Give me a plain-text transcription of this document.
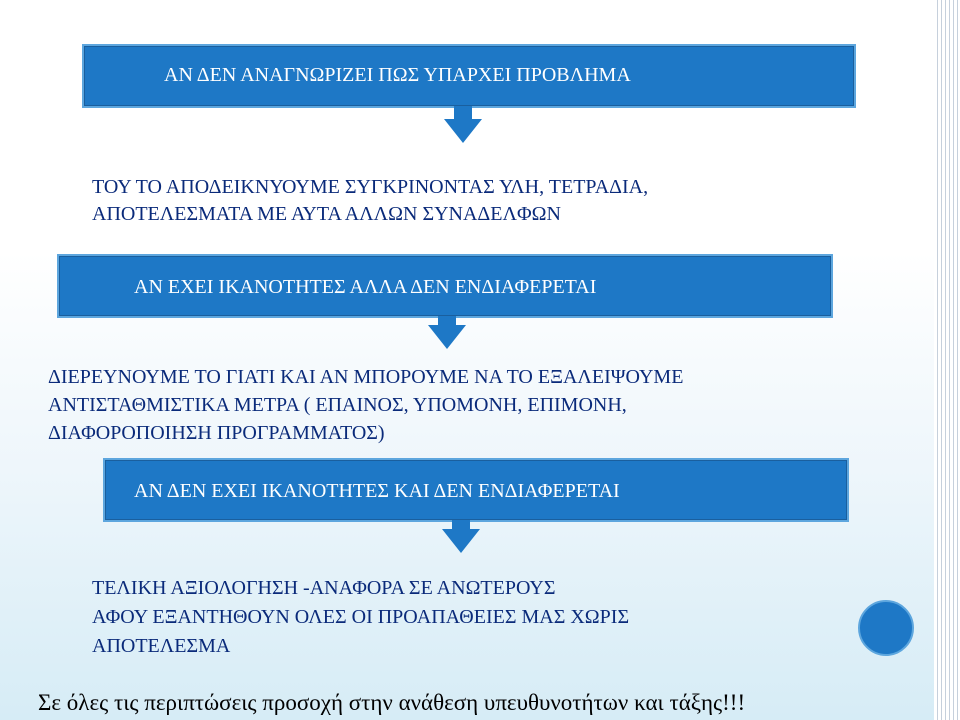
ΑΝ ΔΕΝ ΑΝΑΓΝΩΡΙΖΕΙ ΠΩΣ ΥΠΑΡΧΕΙ ΠΡΟΒΛΗΜΑ
ΤΟΥ ΤΟ ΑΠΟΔΕΙΚΝΥΟΥΜΕ ΣΥΓΚΡΙΝΟΝΤΑΣ ΥΛΗ, ΤΕΤΡΑΔΙΑ,
ΑΠΟΤΕΛΕΣΜΑΤΑ ΜΕ ΑΥΤΑ ΑΛΛΩΝ ΣΥΝΑΔΕΛΦΩΝ
ΑΝ ΕΧΕΙ ΙΚΑΝΟΤΗΤΕΣ ΑΛΛΑ ΔΕΝ ΕΝΔΙΑΦΕΡΕΤΑΙ
ΔΙΕΡΕΥΝΟΥΜΕ ΤΟ ΓΙΑΤΙ ΚΑΙ ΑΝ ΜΠΟΡΟΥΜΕ ΝΑ ΤΟ ΕΞΑΛΕΙΨΟΥΜΕ
ΑΝΤΙΣΤΑΘΜΙΣΤΙΚΑ ΜΕΤΡΑ ( ΕΠΑΙΝΟΣ, ΥΠΟΜΟΝΗ, ΕΠΙΜΟΝΗ,
ΔΙΑΦΟΡΟΠΟΙΗΣΗ ΠΡΟΓΡΑΜΜΑΤΟΣ)
ΑΝ ΔΕΝ ΕΧΕΙ ΙΚΑΝΟΤΗΤΕΣ ΚΑΙ ΔΕΝ ΕΝΔΙΑΦΕΡΕΤΑΙ
ΤΕΛΙΚΗ ΑΞΙΟΛΟΓΗΣΗ -ΑΝΑΦΟΡΑ ΣΕ ΑΝΩΤΕΡΟΥΣ
ΑΦΟΥ ΕΞΑΝΤΗΘΟΥΝ ΟΛΕΣ ΟΙ ΠΡΟΑΠΑΘΕΙΕΣ ΜΑΣ ΧΩΡΙΣ
ΑΠΟΤΕΛΕΣΜΑ
Σε όλες τις περιπτώσεις προσοχή στην ανάθεση υπευθυνοτήτων και τάξης!!!
